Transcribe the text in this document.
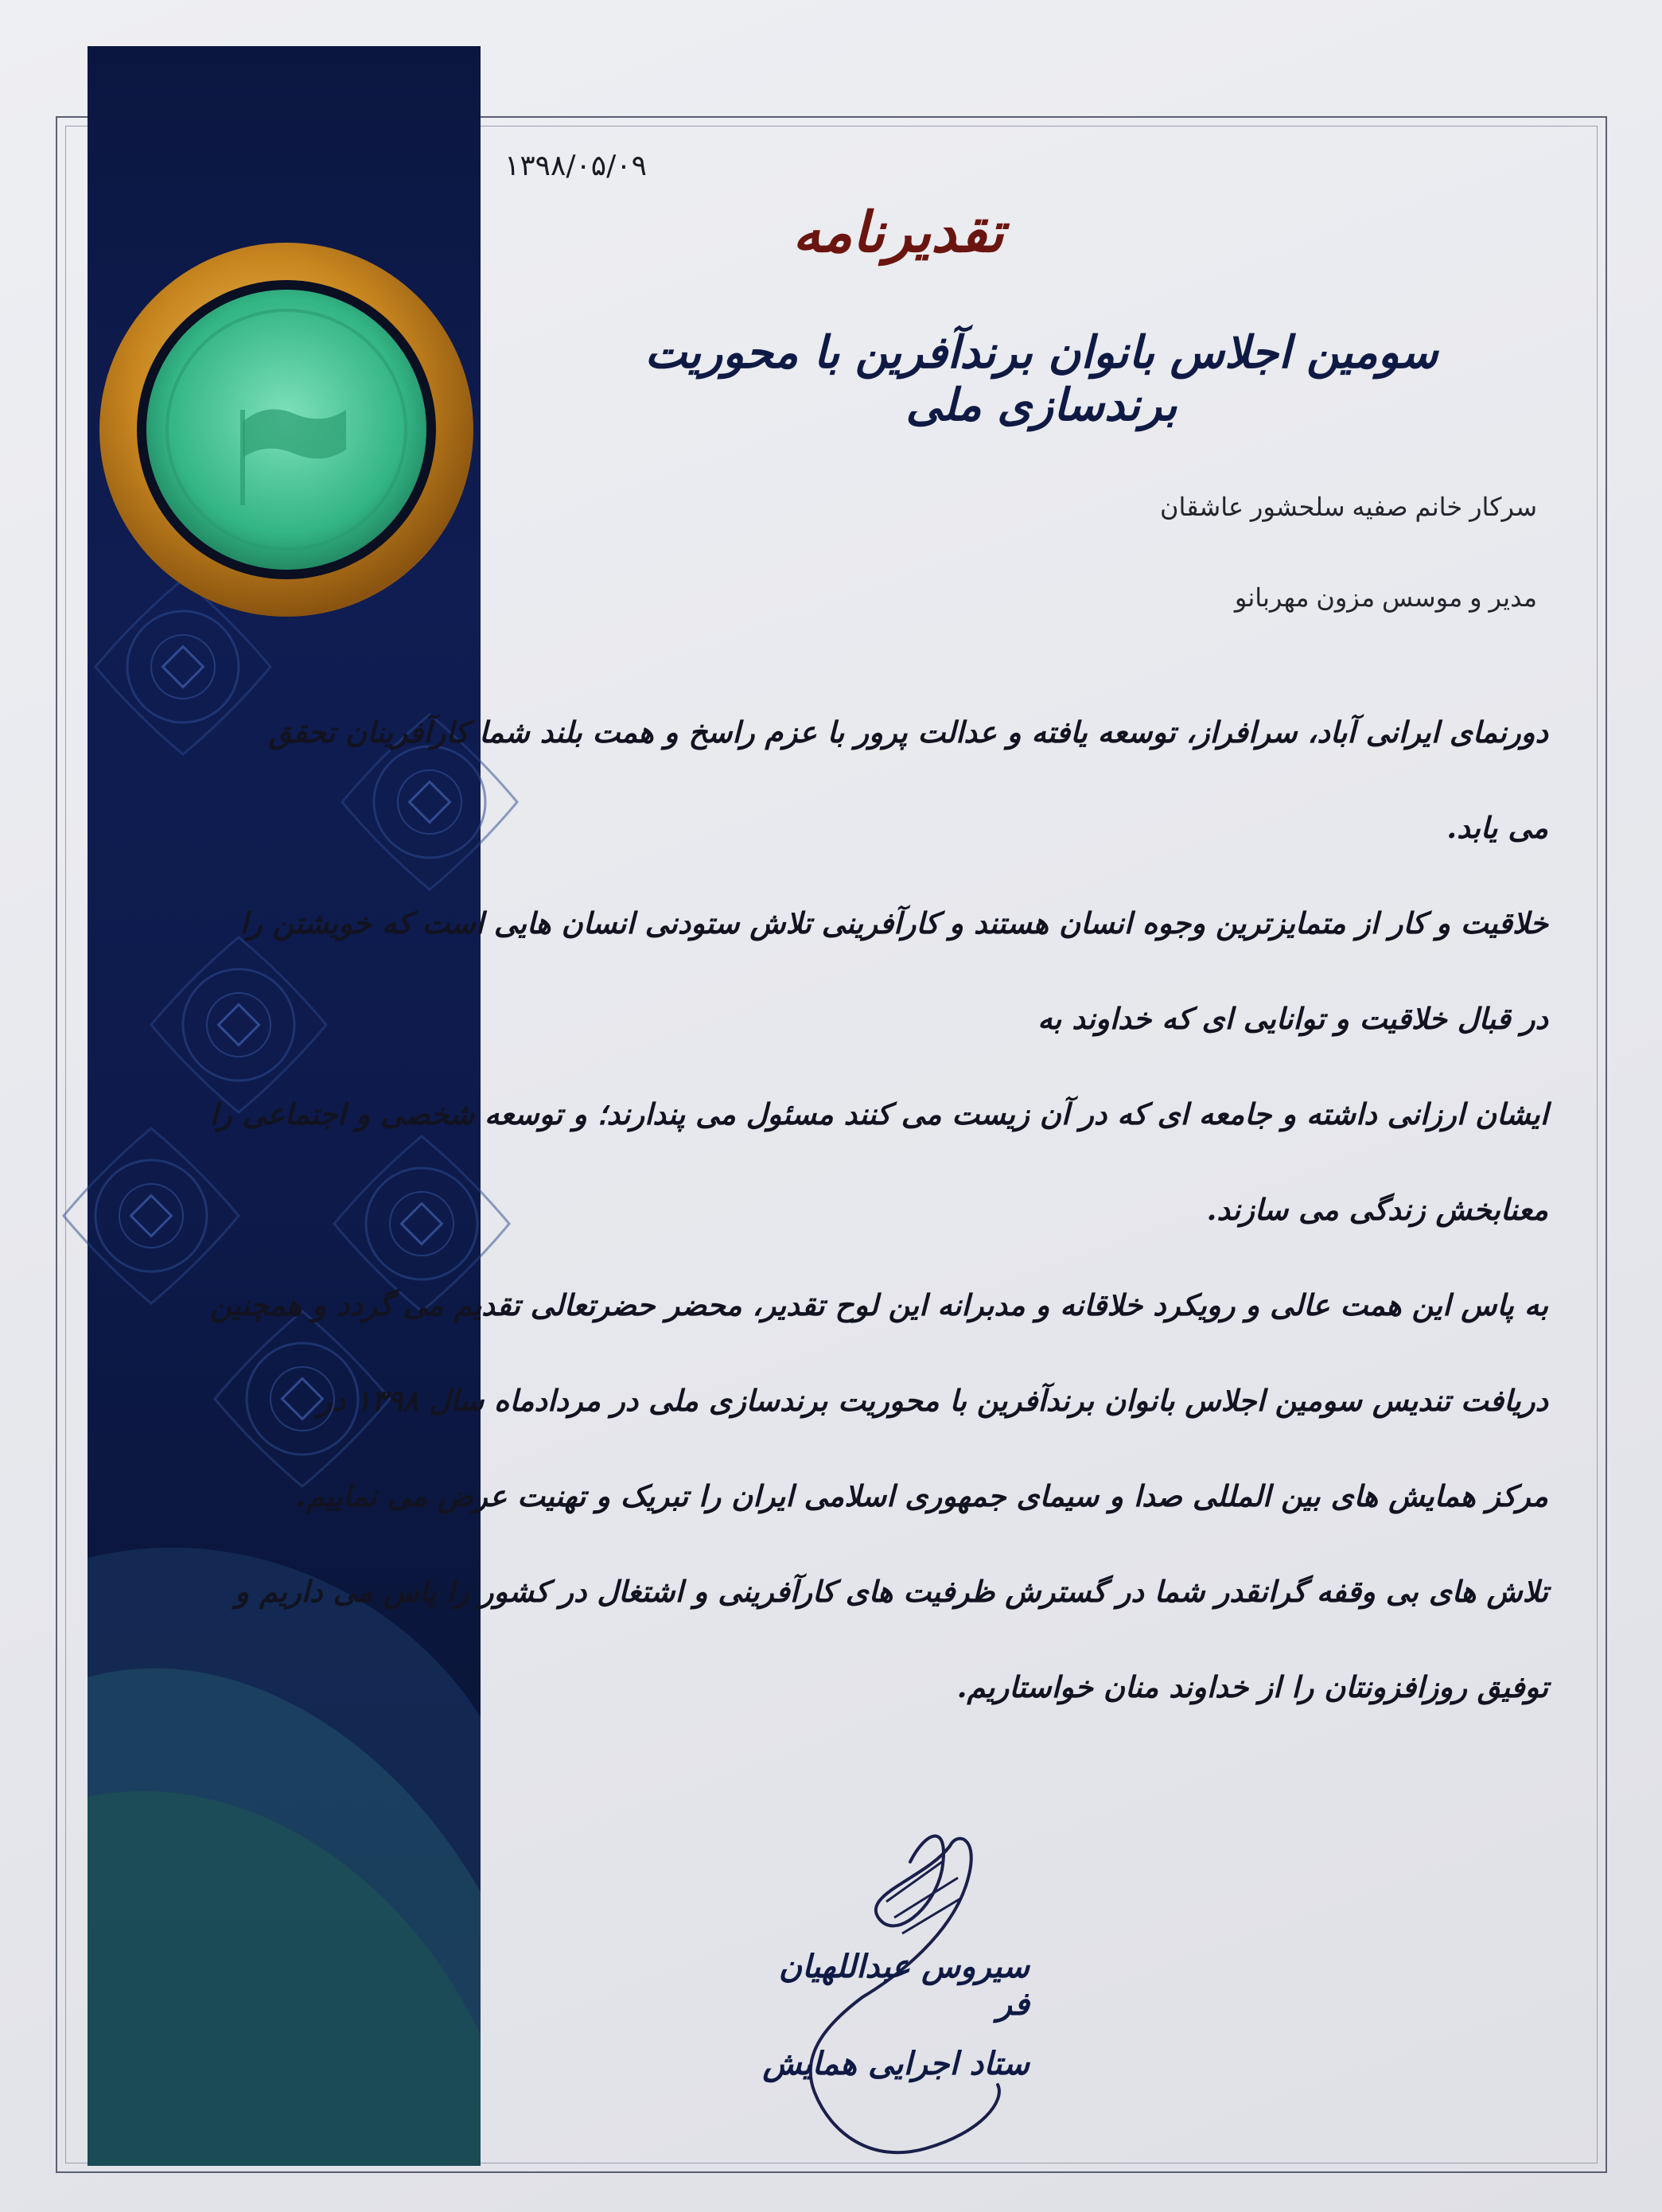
۱۳۹۸/۰۵/۰۹
تقدیرنامه
سومین اجلاس بانوان برندآفرین با محوریت برندسازی ملی
سرکار خانم صفیه سلحشور عاشقان
مدیر و موسس مزون مهربانو
دورنمای ایرانی آباد، سرافراز، توسعه یافته و عدالت پرور با عزم راسخ و همت بلند شما کارآفرینان تحقق
می یابد.
خلاقیت و کار از متمایزترین وجوه انسان هستند و کارآفرینی تلاش ستودنی انسان هایی است که خویشتن را
در قبال خلاقیت و توانایی ای که خداوند به
ایشان ارزانی داشته و جامعه ای که در آن زیست می کنند مسئول می پندارند؛ و توسعه شخصی و اجتماعی را
معنابخش زندگی می سازند.
به پاس این همت عالی و رویکرد خلاقانه و مدبرانه این لوح تقدیر، محضر حضرتعالی تقدیم می گردد و همچنین
دریافت تندیس سومین اجلاس بانوان برندآفرین با محوریت برندسازی ملی در مردادماه سال ۱۳۹۸ در
مرکز همایش های بین المللی صدا و سیمای جمهوری اسلامی ایران را تبریک و تهنیت عرض می نماییم.
تلاش های بی وقفه گرانقدر شما در گسترش ظرفیت های کارآفرینی و اشتغال در کشور را پاس می داریم و
توفیق روزافزونتان را از خداوند منان خواستاریم.
سیروس عبداللهیان فر
ستاد اجرایی همایش
